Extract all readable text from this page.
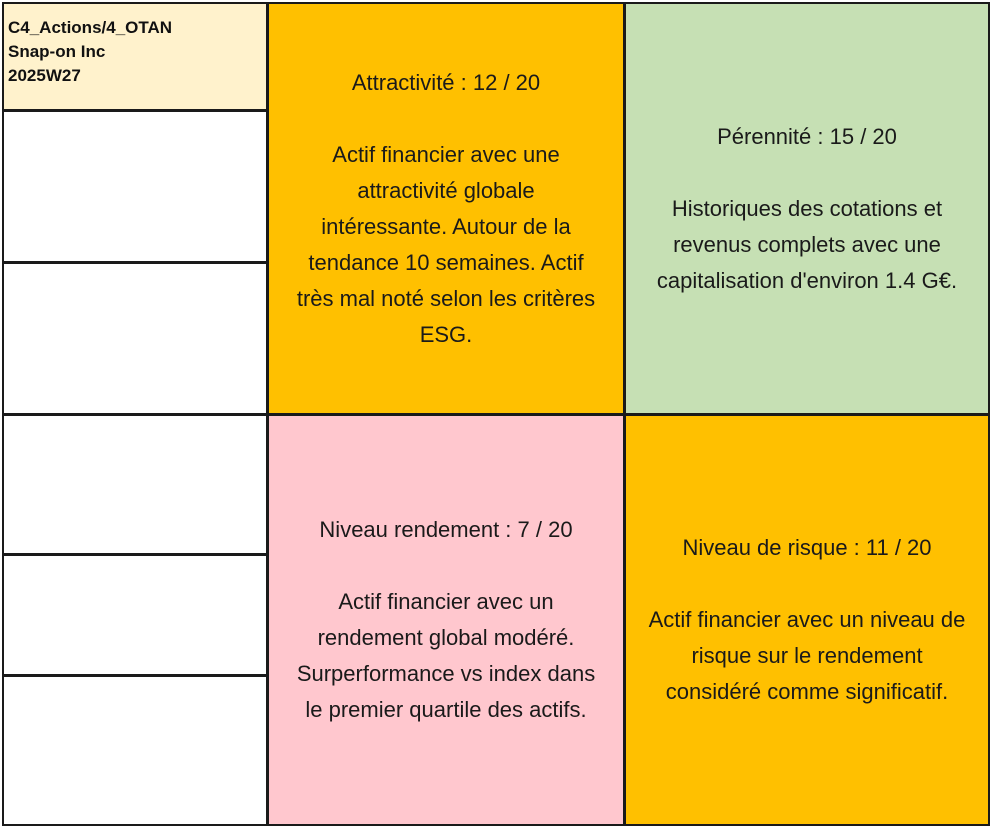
C4_Actions/4_OTAN
Snap-on Inc
2025W27	Attractivité : 12 / 20
Actif financier avec une
attractivité globale
intéressante. Autour de la
tendance 10 semaines. Actif
très mal noté selon les critères
ESG.
Pérennité : 15 / 20
Historiques des cotations et
revenus complets avec une
capitalisation d'environ 1.4 G€.
Niveau rendement : 7 / 20
Actif financier avec un
rendement global modéré.
Surperformance vs index dans
le premier quartile des actifs.
Niveau de risque : 11 / 20
Actif financier avec un niveau de
risque sur le rendement
considéré comme significatif.
